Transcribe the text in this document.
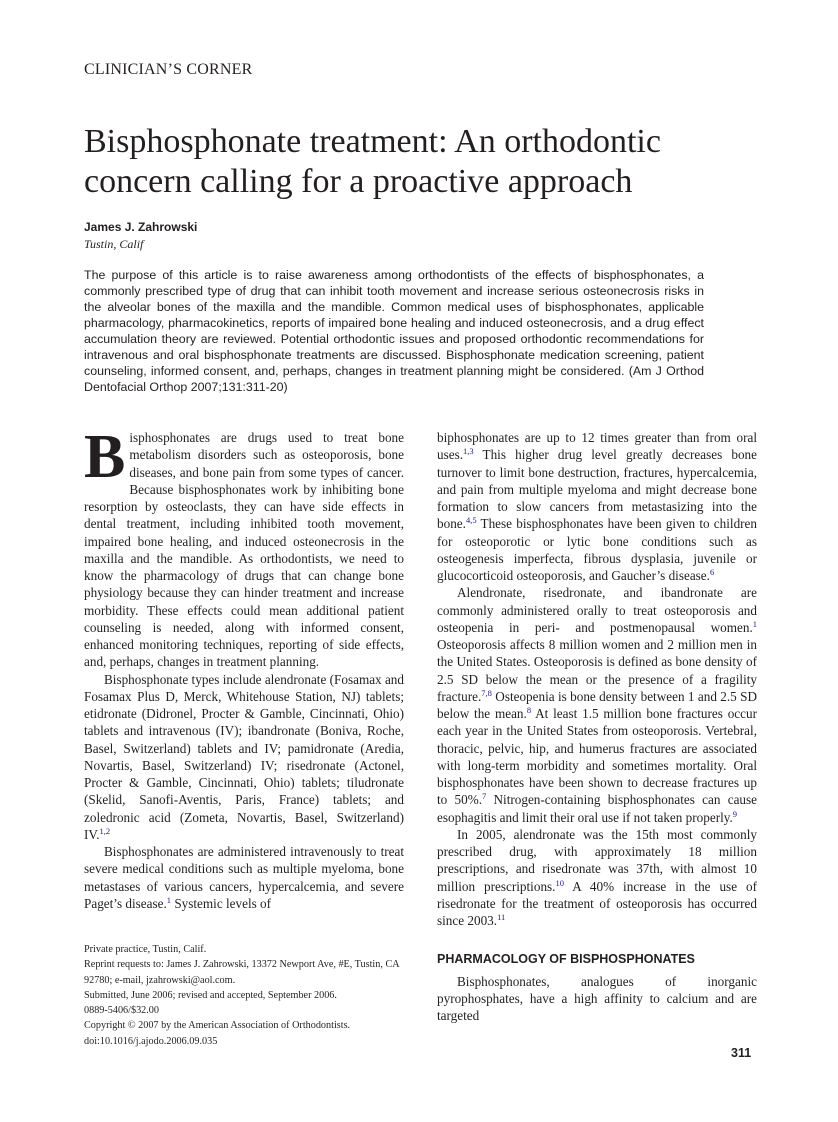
CLINICIAN’S CORNER
Bisphosphonate treatment: An orthodontic concern calling for a proactive approach
James J. Zahrowski
Tustin, Calif

The purpose of this article is to raise awareness among orthodontists of the effects of bisphosphonates, a commonly prescribed type of drug that can inhibit tooth movement and increase serious osteonecrosis risks in the alveolar bones of the maxilla and the mandible. Common medical uses of bisphosphonates, applicable pharmacology, pharmacokinetics, reports of impaired bone healing and induced osteonecrosis, and a drug effect accumulation theory are reviewed. Potential orthodontic issues and proposed orthodontic recommendations for intravenous and oral bisphosphonate treatments are discussed. Bisphosphonate medication screening, patient counseling, informed consent, and, perhaps, changes in treatment planning might be considered. (Am J Orthod Dentofacial Orthop 2007;131:311-20)

Bisphosphonates are drugs used to treat bone metabolism disorders such as osteoporosis, bone diseases, and bone pain from some types of cancer. Because bisphosphonates work by inhibiting bone resorption by osteoclasts, they can have side effects in dental treatment, including inhibited tooth movement, impaired bone healing, and induced osteonecrosis in the maxilla and the mandible. As orthodontists, we need to know the pharmacology of drugs that can change bone physiology because they can hinder treatment and increase morbidity. These effects could mean additional patient counseling is needed, along with informed consent, enhanced monitoring techniques, reporting of side effects, and, perhaps, changes in treatment planning.

Bisphosphonate types include alendronate (Fosamax and Fosamax Plus D, Merck, Whitehouse Station, NJ) tablets; etidronate (Didronel, Procter & Gamble, Cincinnati, Ohio) tablets and intravenous (IV); ibandronate (Boniva, Roche, Basel, Switzerland) tablets and IV; pamidronate (Aredia, Novartis, Basel, Switzerland) IV; risedronate (Actonel, Procter & Gamble, Cincinnati, Ohio) tablets; tiludronate (Skelid, Sanofi-Aventis, Paris, France) tablets; and zoledronic acid (Zometa, Novartis, Basel, Switzerland) IV.$^{1,2}$

Bisphosphonates are administered intravenously to treat severe medical conditions such as multiple myeloma, bone metastases of various cancers, hypercalcemia, and severe Paget’s disease.$^1$ Systemic levels of

biphosphonates are up to 12 times greater than from oral uses.$^{1,3}$ This higher drug level greatly decreases bone turnover to limit bone destruction, fractures, hypercalcemia, and pain from multiple myeloma and might decrease bone formation to slow cancers from metastasizing into the bone.$^{4,5}$ These bisphosphonates have been given to children for osteoporotic or lytic bone conditions such as osteogenesis imperfecta, fibrous dysplasia, juvenile or glucocorticoid osteoporosis, and Gaucher’s disease.$^6$

Alendronate, risedronate, and ibandronate are commonly administered orally to treat osteoporosis and osteopenia in peri- and postmenopausal women.$^1$ Osteoporosis affects 8 million women and 2 million men in the United States. Osteoporosis is defined as bone density of 2.5 SD below the mean or the presence of a fragility fracture.$^{7,8}$ Osteopenia is bone density between 1 and 2.5 SD below the mean.$^8$ At least 1.5 million bone fractures occur each year in the United States from osteoporosis. Vertebral, thoracic, pelvic, hip, and humerus fractures are associated with long-term morbidity and sometimes mortality. Oral bisphosphonates have been shown to decrease fractures up to 50%.$^7$ Nitrogen-containing bisphosphonates can cause esophagitis and limit their oral use if not taken properly.$^9$

In 2005, alendronate was the 15th most commonly prescribed drug, with approximately 18 million prescriptions, and risedronate was 37th, with almost 10 million prescriptions.$^{10}$ A 40% increase in the use of risedronate for the treatment of osteoporosis has occurred since 2003.11

PHARMACOLOGY OF BISPHOSPHONATES

Bisphosphonates, analogues of inorganic pyrophosphates, have a high affinity to calcium and are targeted

Private practice, Tustin, Calif.
Reprint requests to: James J. Zahrowski, 13372 Newport Ave, #E, Tustin, CA
92780; e-mail, jzahrowski@aol.com.
Submitted, June 2006; revised and accepted, September 2006.
0889-5406/$32.00
Copyright © 2007 by the American Association of Orthodontists.
doi:10.1016/j.ajodo.2006.09.035
311
